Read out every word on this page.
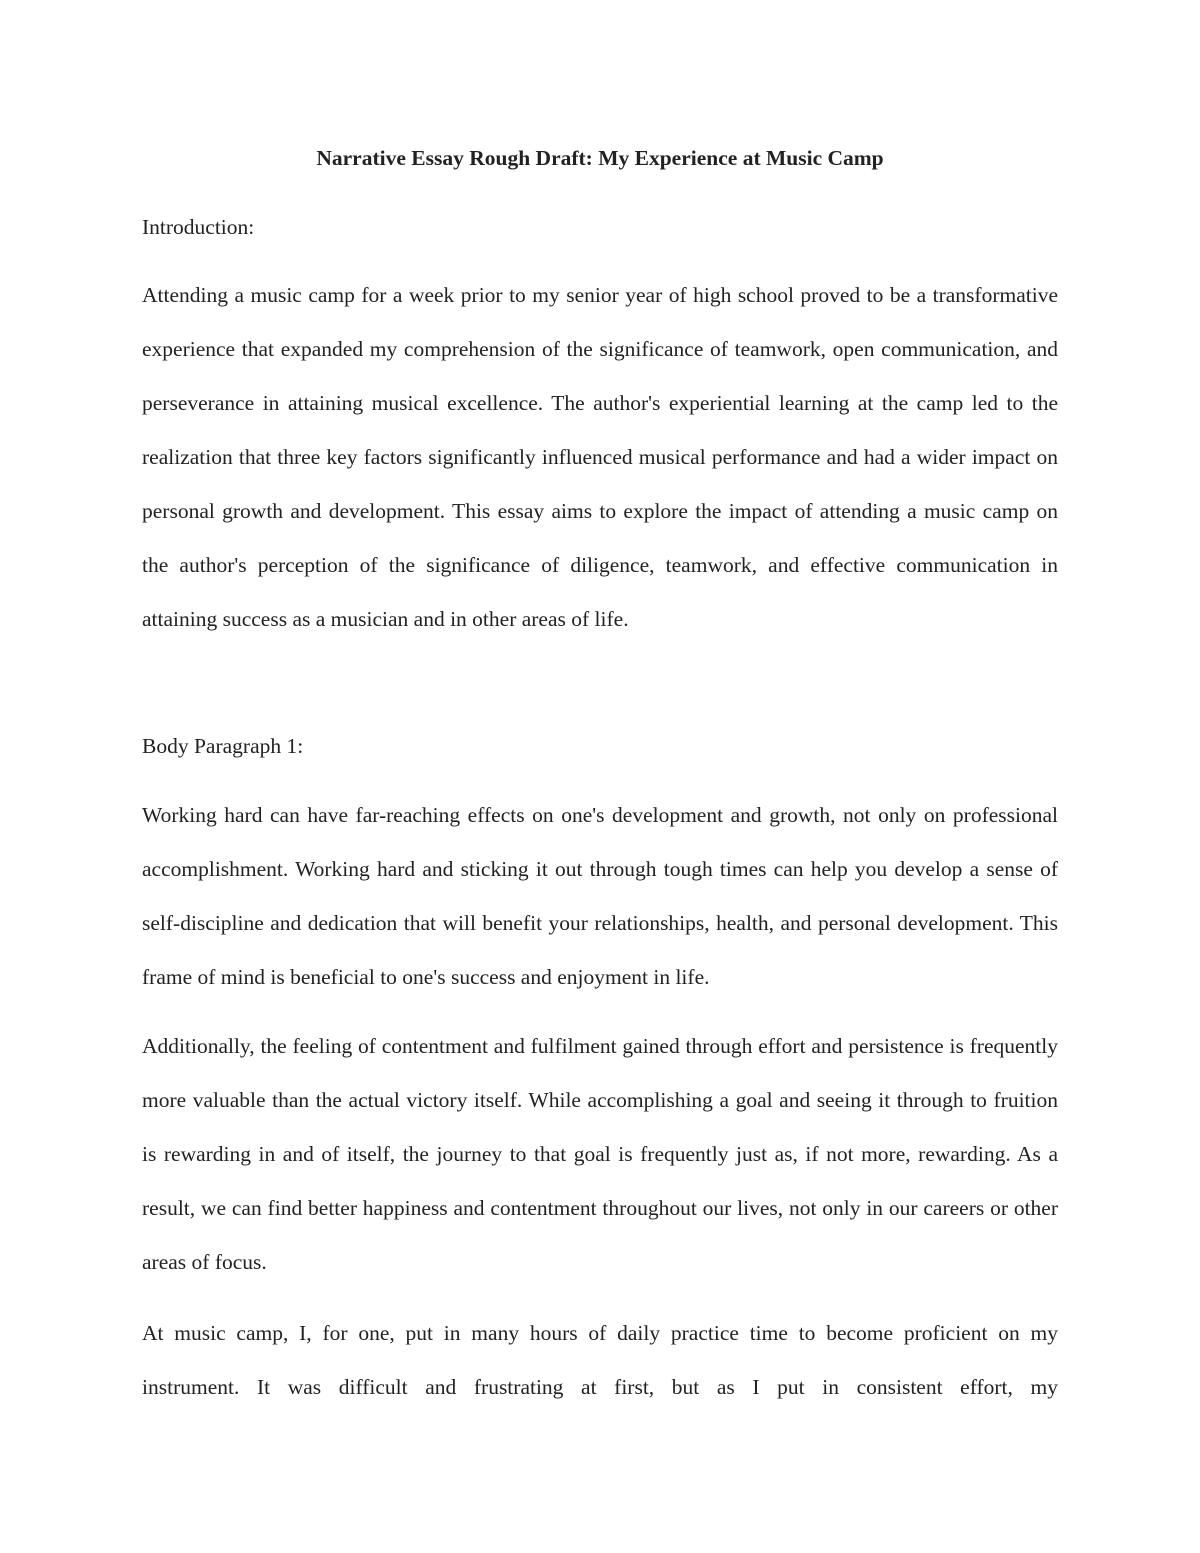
Narrative Essay Rough Draft: My Experience at Music Camp

Introduction:

Attending a music camp for a week prior to my senior year of high school proved to be a transformative experience that expanded my comprehension of the significance of teamwork, open communication, and perseverance in attaining musical excellence. The author's experiential learning at the camp led to the realization that three key factors significantly influenced musical performance and had a wider impact on personal growth and development. This essay aims to explore the impact of attending a music camp on the author's perception of the significance of diligence, teamwork, and effective communication in attaining success as a musician and in other areas of life.

Body Paragraph 1:

Working hard can have far-reaching effects on one's development and growth, not only on professional accomplishment. Working hard and sticking it out through tough times can help you develop a sense of self-discipline and dedication that will benefit your relationships, health, and personal development. This frame of mind is beneficial to one's success and enjoyment in life.

Additionally, the feeling of contentment and fulfilment gained through effort and persistence is frequently more valuable than the actual victory itself. While accomplishing a goal and seeing it through to fruition is rewarding in and of itself, the journey to that goal is frequently just as, if not more, rewarding. As a result, we can find better happiness and contentment throughout our lives, not only in our careers or other areas of focus.

At music camp, I, for one, put in many hours of daily practice time to become proficient on my instrument. It was difficult and frustrating at first, but as I put in consistent effort, my
